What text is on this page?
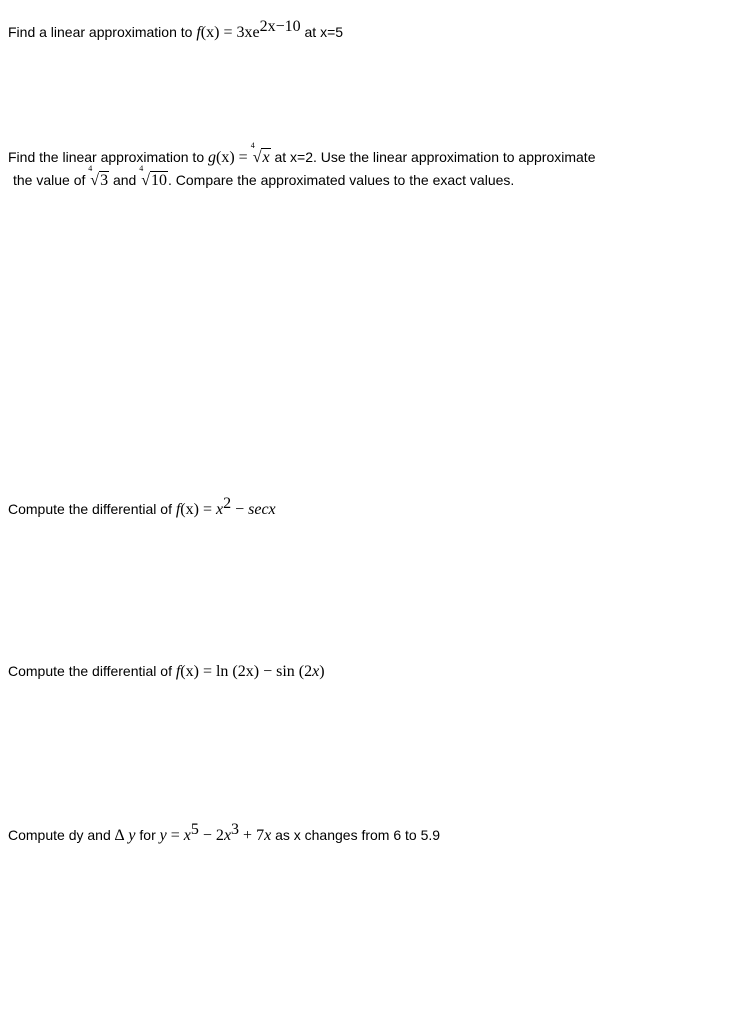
Find a linear approximation to $f(x) = 3xe^{2x-10}$ at x=5
Find the linear approximation to g(x) =
4
√x at x=2. Use the linear approximation to approximate
the value of
4
√3 and
4
√10. Compare the approximated values to the exact values.
Compute the differential of $f(x) = x^2 - \sec x$
Compute the differential of f(x) = ln (2x) − sin (2x)
Compute dy and ∆ y for $y = x^5 - 2x^3 + 7x$ as x changes from 6 to 5.9
